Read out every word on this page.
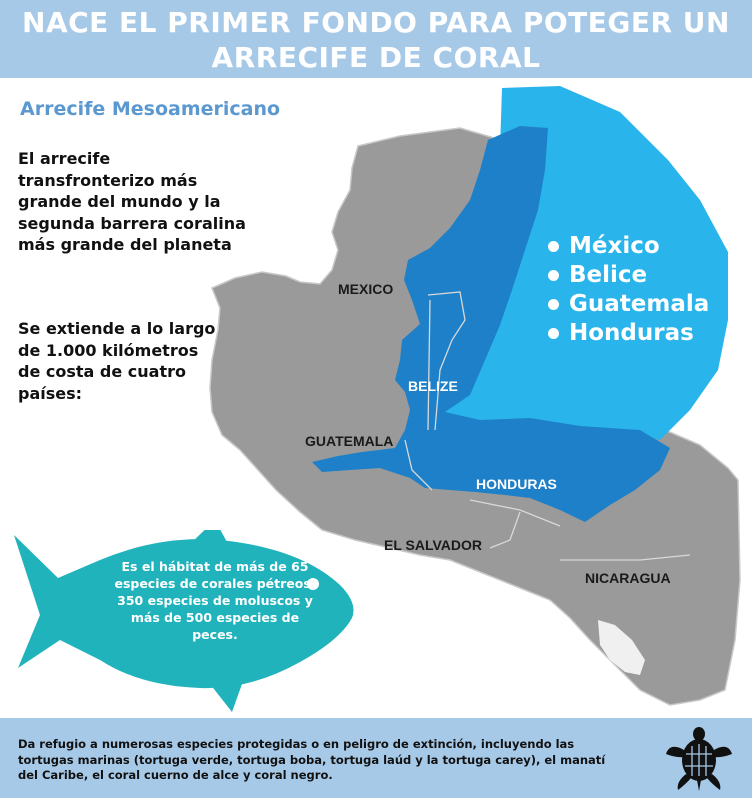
NACE EL PRIMER FONDO PARA POTEGER UN
ARRECIFE DE CORAL
Arrecife Mesoamericano
El arrecife transfronterizo más grande del mundo y la segunda barrera coralina más grande del planeta
Se extiende a lo largo de 1.000 kilómetros de costa de cuatro países:
México
Belice
Guatemala
Honduras
MEXICO
BELIZE
GUATEMALA
HONDURAS
EL SALVADOR
NICARAGUA
Es el hábitat de más de 65 especies de corales pétreos, 350 especies de moluscos y más de 500 especies de peces.
Da refugio a numerosas especies protegidas o en peligro de extinción, incluyendo las tortugas marinas (tortuga verde, tortuga boba, tortuga laúd y la tortuga carey), el manatí del Caribe, el coral cuerno de alce y coral negro.
